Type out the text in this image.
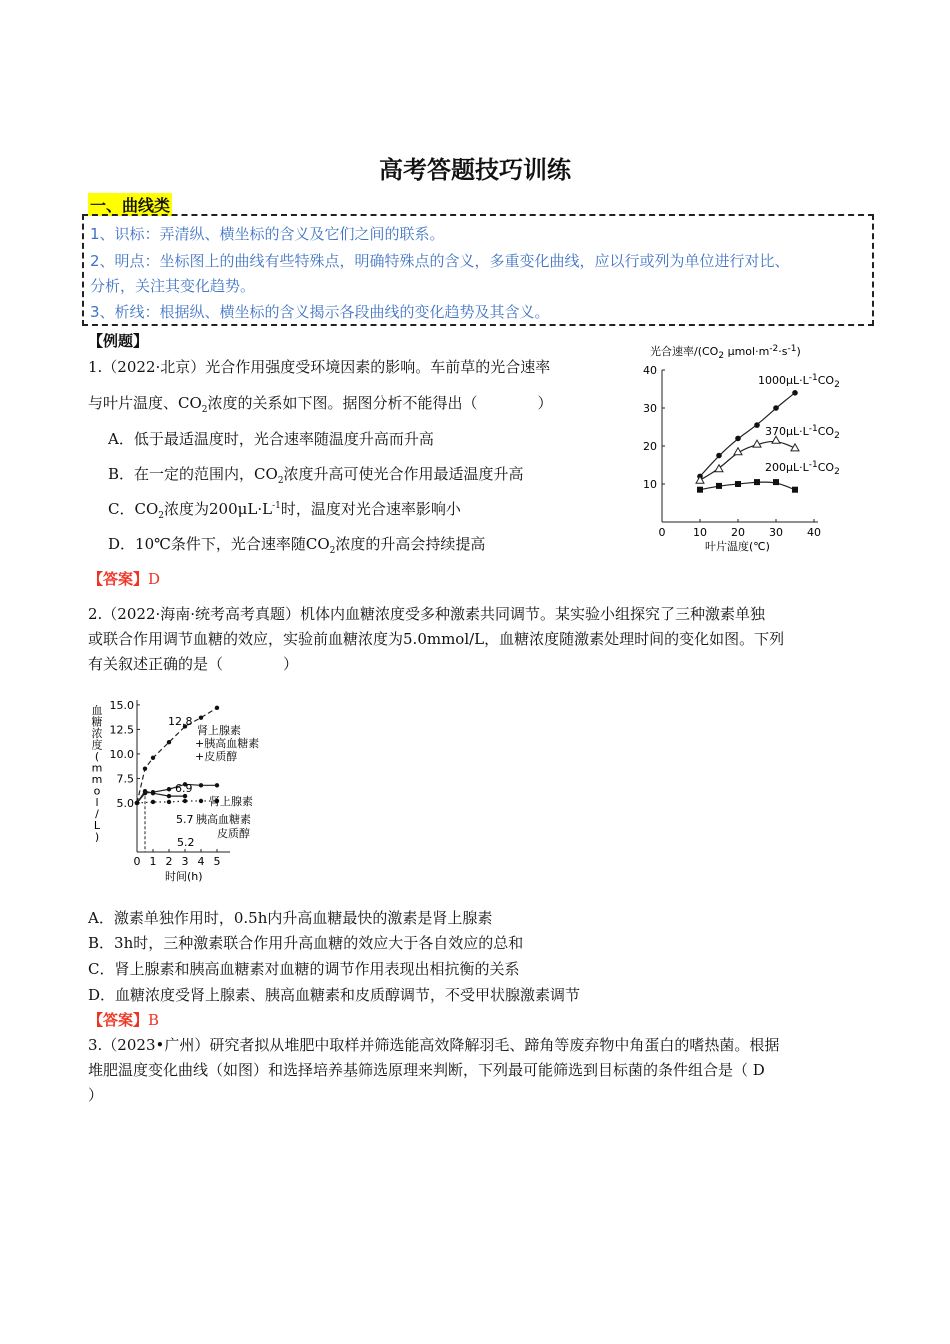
高考答题技巧训练
一、曲线类
1、识标：弄清纵、横坐标的含义及它们之间的联系。
2、明点：坐标图上的曲线有些特殊点，明确特殊点的含义，多重变化曲线，应以行或列为单位进行对比、
分析，关注其变化趋势。
3、析线：根据纵、横坐标的含义揭示各段曲线的变化趋势及其含义。
【例题】
1.（2022·北京）光合作用强度受环境因素的影响。车前草的光合速率
与叶片温度、$CO_2$浓度的关系如下图。据图分析不能得出（　　　　）
A．低于最适温度时，光合速率随温度升高而升高
B．在一定的范围内，$CO_2$浓度升高可使光合作用最适温度升高
C．$CO_2$浓度为$200\mu L\cdot L^{-1}$时，温度对光合速率影响小
D．10℃条件下，光合速率随$CO_2$浓度的升高会持续提高
【答案】D
光合速率$/(CO_2$ $\mu mol\cdot m^{-2}\cdot s^{-1}$)
0	10 20 30 40
10
20
30
40
$1000\mu L\cdot L^{-1}CO_2$
$370\mu L\cdot L^{-1}CO_2$
$200\mu L\cdot L^{-1}CO_2$
叶片温度(℃)
2.（2022·海南·统考高考真题）机体内血糖浓度受多种激素共同调节。某实验小组探究了三种激素单独
或联合作用调节血糖的效应，实验前血糖浓度为5.0mmol/L，血糖浓度随激素处理时间的变化如图。下列
有关叙述正确的是（　　　　）
血
糖
浓
度
(
m
m
o
l
/
L
)
0 1 2 3 4 5
5.0
7.5
10.0
12.5
15.0
12.8
肾上腺素
+胰高血糖素
+皮质醇
6.9
肾上腺素
5.7 胰高血糖素
皮质醇
5.2
时间(h)
A．激素单独作用时，0.5h内升高血糖最快的激素是肾上腺素
B．3h时，三种激素联合作用升高血糖的效应大于各自效应的总和
C．肾上腺素和胰高血糖素对血糖的调节作用表现出相抗衡的关系
D．血糖浓度受肾上腺素、胰高血糖素和皮质醇调节，不受甲状腺激素调节
【答案】B
3.（2023•广州）研究者拟从堆肥中取样并筛选能高效降解羽毛、蹄角等废弃物中角蛋白的嗜热菌。根据
堆肥温度变化曲线（如图）和选择培养基筛选原理来判断，下列最可能筛选到目标菌的条件组合是（ D
）
